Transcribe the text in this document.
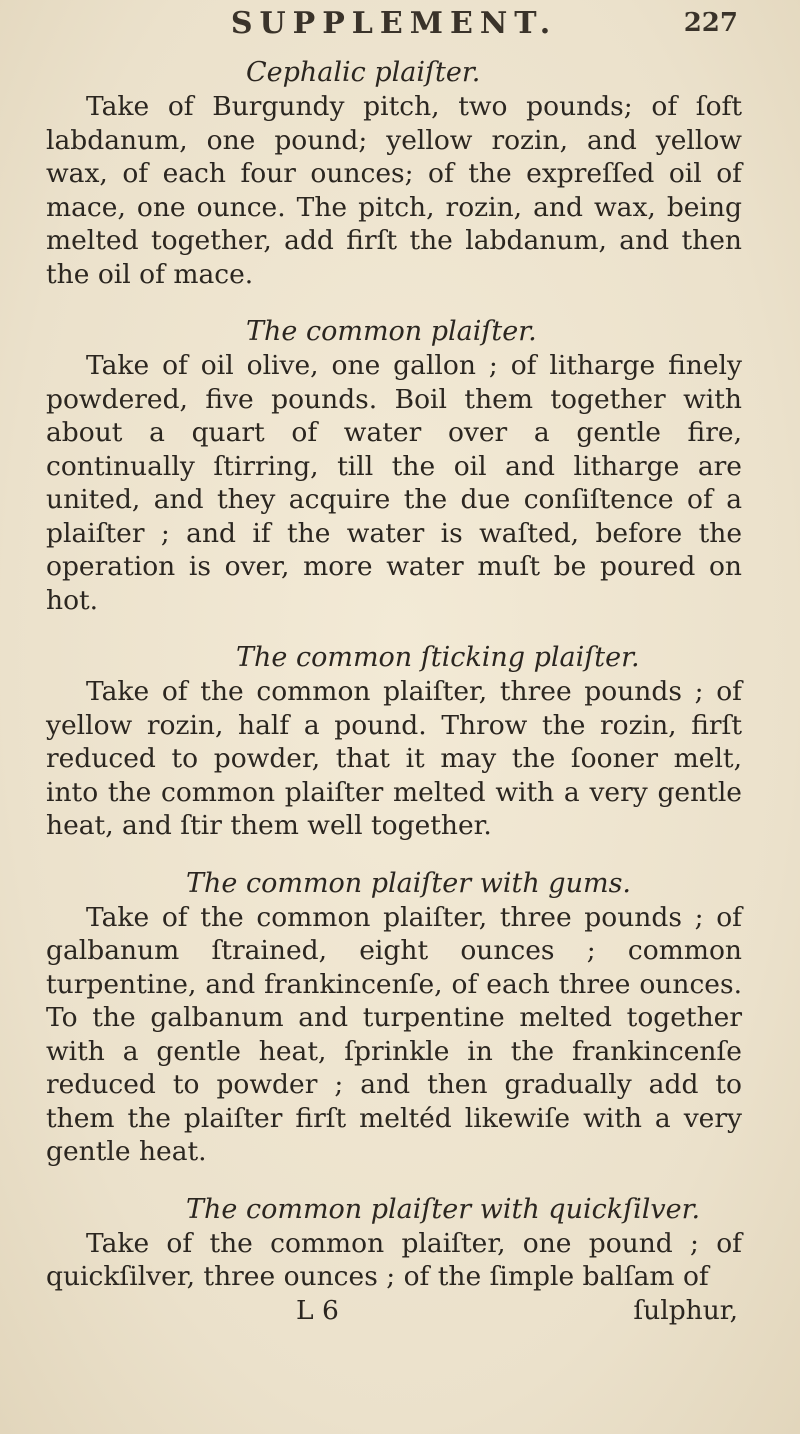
SUPPLEMENT.	227
Cephalic plaiſter.

Take of Burgundy pitch, two pounds; of ſoft labdanum, one pound; yellow rozin, and yellow wax, of each four ounces; of the expreſſed oil of mace, one ounce. The pitch, rozin, and wax, being melted together, add firſt the labdanum, and then the oil of mace.

The common plaiſter.

Take of oil olive, one gallon ; of litharge finely powdered, five pounds. Boil them together with about a quart of water over a gentle fire, continually ſtirring, till the oil and litharge are united, and they acquire the due conſiſtence of a plaiſter ; and if the water is waſted, before the operation is over, more water muſt be poured on hot.

The common ſticking plaiſter.

Take of the common plaiſter, three pounds ; of yellow rozin, half a pound. Throw the rozin, firſt reduced to powder, that it may the ſooner melt, into the common plaiſter melted with a very gentle heat, and ſtir them well together.

The common plaiſter with gums.

Take of the common plaiſter, three pounds ; of galbanum ſtrained, eight ounces ; common turpentine, and frankincenſe, of each three ounces. To the galbanum and turpentine melted together with a gentle heat, ſprinkle in the frankincenſe reduced to powder ; and then gradually add to them the plaiſter firſt meltéd likewiſe with a very gentle heat.

The common plaiſter with quickſilver.

Take of the common plaiſter, one pound ; of quickſilver, three ounces ; of the ſimple balſam of

L 6	ſulphur,
